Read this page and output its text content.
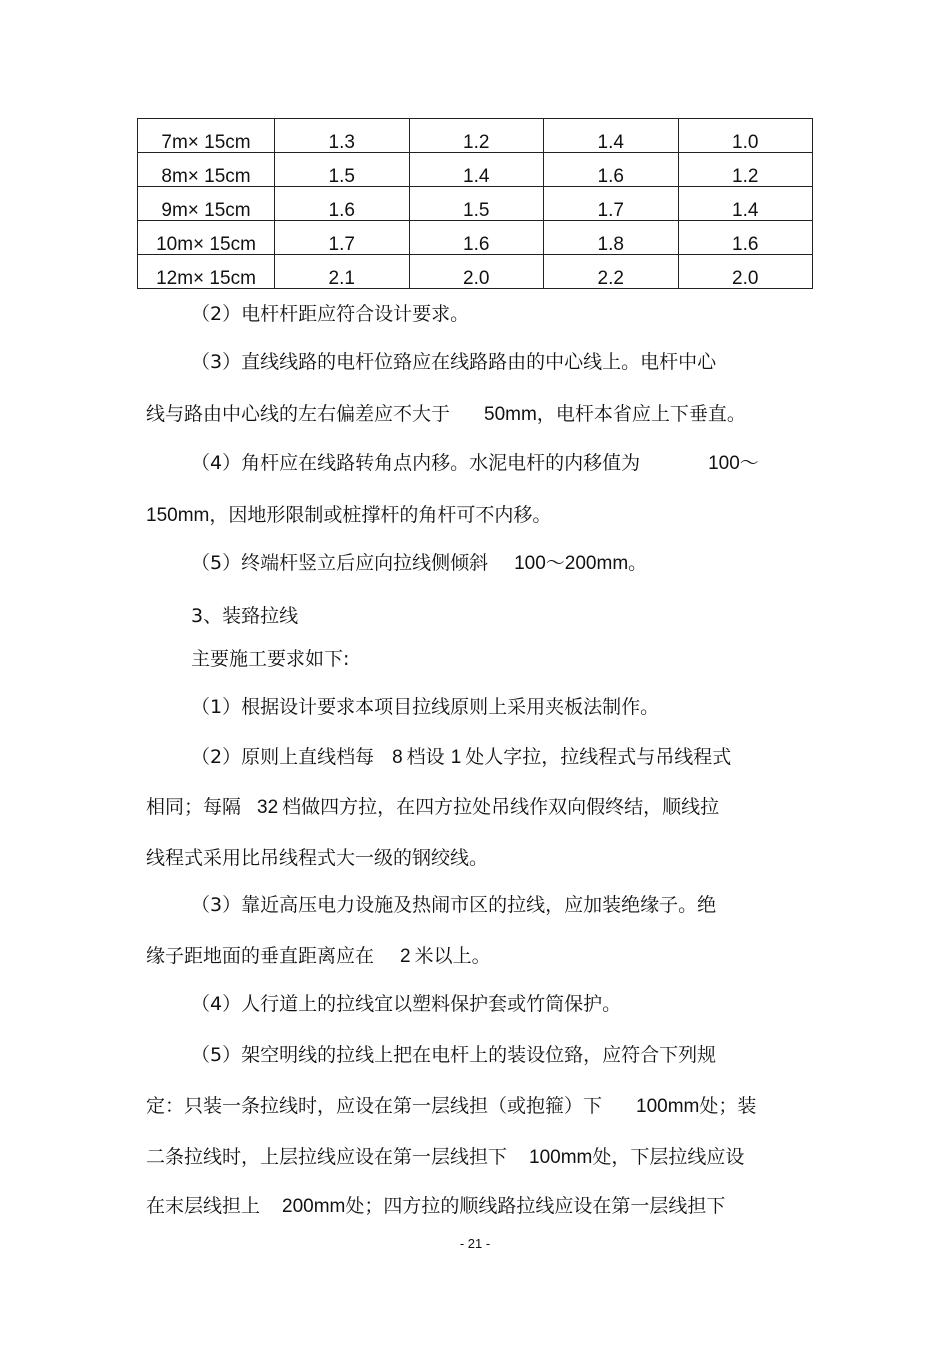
7m× 15cm	1.3	1.2	1.4	1.0
8m× 15cm	1.5	1.4	1.6	1.2
9m× 15cm	1.6	1.5	1.7	1.4
10m× 15cm	1.7	1.6	1.8	1.6
12m× 15cm	2.1	2.0	2.2	2.0
（2）电杆杆距应符合设计要求。
（3）直线线路的电杆位臵应在线路路由的中心线上。电杆中心
线与路由中心线的左右偏差应不大于 50mm，电杆本省应上下垂直。
（4）角杆应在线路转角点内移。水泥电杆的内移值为	100～
150mm，因地形限制或桩撑杆的角杆可不内移。
（5）终端杆竖立后应向拉线侧倾斜 100～200mm。
3、装臵拉线
主要施工要求如下:
（1）根据设计要求本项目拉线原则上采用夹板法制作。
（2）原则上直线档每 8 档设 1 处人字拉，拉线程式与吊线程式
相同；每隔 32 档做四方拉，在四方拉处吊线作双向假终结，顺线拉
线程式采用比吊线程式大一级的钢绞线。
（3）靠近高压电力设施及热闹市区的拉线，应加装绝缘子。绝
缘子距地面的垂直距离应在 2 米以上。
（4）人行道上的拉线宜以塑料保护套或竹筒保护。
（5）架空明线的拉线上把在电杆上的装设位臵，应符合下列规
定：只装一条拉线时，应设在第一层线担（或抱箍）下 100mm处；装
二条拉线时，上层拉线应设在第一层线担下 100mm处，下层拉线应设
在末层线担上 200mm处；四方拉的顺线路拉线应设在第一层线担下
- 21 -
